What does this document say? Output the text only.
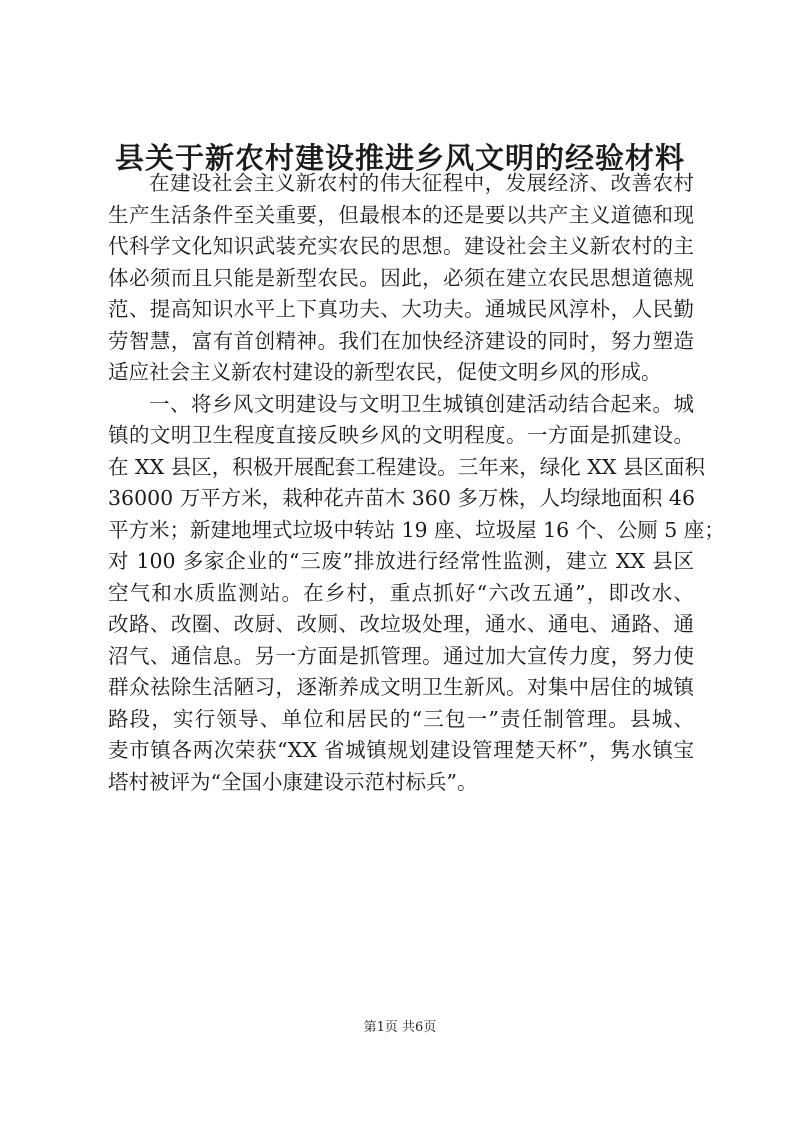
县关于新农村建设推进乡风文明的经验材料
在建设社会主义新农村的伟大征程中，发展经济、改善农村
生产生活条件至关重要，但最根本的还是要以共产主义道德和现
代科学文化知识武装充实农民的思想。建设社会主义新农村的主
体必须而且只能是新型农民。因此，必须在建立农民思想道德规
范、提高知识水平上下真功夫、大功夫。通城民风淳朴，人民勤
劳智慧，富有首创精神。我们在加快经济建设的同时，努力塑造
适应社会主义新农村建设的新型农民，促使文明乡风的形成。
一、将乡风文明建设与文明卫生城镇创建活动结合起来。城
镇的文明卫生程度直接反映乡风的文明程度。一方面是抓建设。
在 XX 县区，积极开展配套工程建设。三年来，绿化 XX 县区面积
36000 万平方米，栽种花卉苗木 360 多万株，人均绿地面积 46
平方米；新建地埋式垃圾中转站 19 座、垃圾屋 16 个、公厕 5 座；
对 100 多家企业的“三废”排放进行经常性监测，建立 XX 县区
空气和水质监测站。在乡村，重点抓好“六改五通”，即改水、
改路、改圈、改厨、改厕、改垃圾处理，通水、通电、通路、通
沼气、通信息。另一方面是抓管理。通过加大宣传力度，努力使
群众祛除生活陋习，逐渐养成文明卫生新风。对集中居住的城镇
路段，实行领导、单位和居民的“三包一”责任制管理。县城、
麦市镇各两次荣获“XX 省城镇规划建设管理楚天杯”，隽水镇宝
塔村被评为“全国小康建设示范村标兵”。
第1页 共6页
